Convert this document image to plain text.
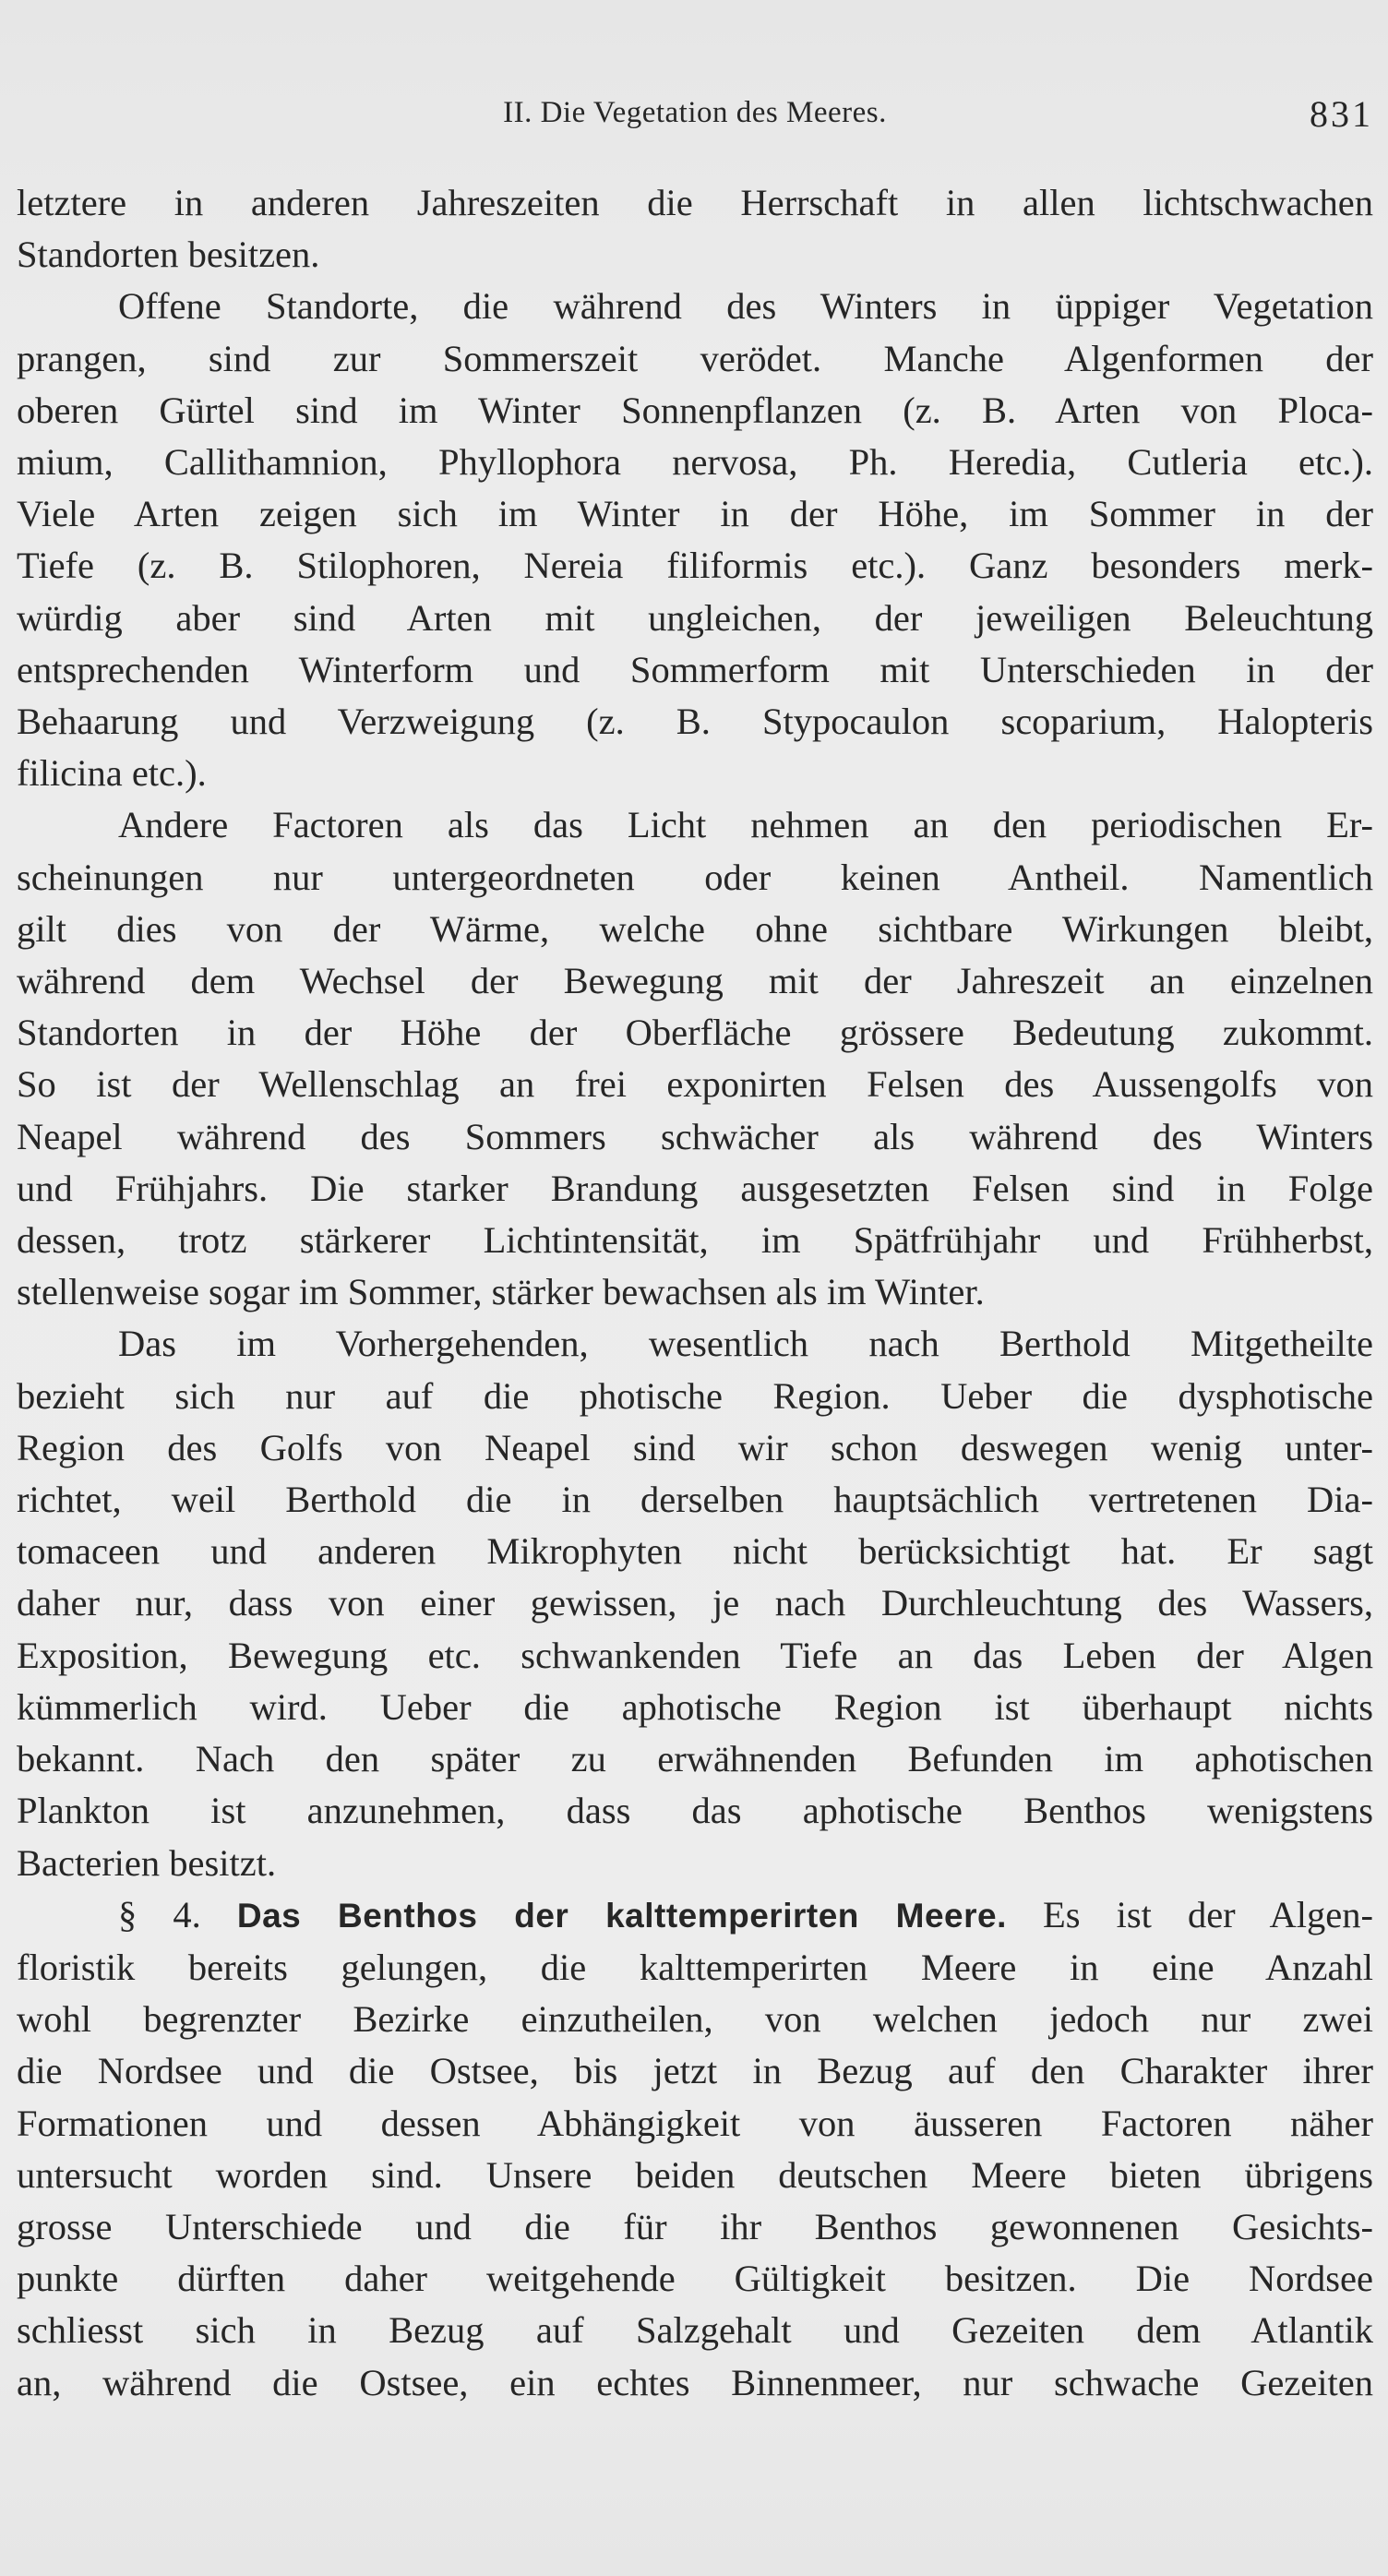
II. Die Vegetation des Meeres.	831

letztere in anderen Jahreszeiten die Herrschaft in allen lichtschwachen

Standorten besitzen.

Offene Standorte, die während des Winters in üppiger Vegetation

prangen, sind zur Sommerszeit verödet. Manche Algenformen der

oberen Gürtel sind im Winter Sonnenpflanzen (z. B. Arten von Ploca-

mium, Callithamnion, Phyllophora nervosa, Ph. Heredia, Cutleria etc.).

Viele Arten zeigen sich im Winter in der Höhe, im Sommer in der

Tiefe (z. B. Stilophoren, Nereia filiformis etc.). Ganz besonders merk-

würdig aber sind Arten mit ungleichen, der jeweiligen Beleuchtung

entsprechenden Winterform und Sommerform mit Unterschieden in der

Behaarung und Verzweigung (z. B. Stypocaulon scoparium, Halopteris

filicina etc.).

Andere Factoren als das Licht nehmen an den periodischen Er-

scheinungen nur untergeordneten oder keinen Antheil. Namentlich

gilt dies von der Wärme, welche ohne sichtbare Wirkungen bleibt,

während dem Wechsel der Bewegung mit der Jahreszeit an einzelnen

Standorten in der Höhe der Oberfläche grössere Bedeutung zukommt.

So ist der Wellenschlag an frei exponirten Felsen des Aussengolfs von

Neapel während des Sommers schwächer als während des Winters

und Frühjahrs. Die starker Brandung ausgesetzten Felsen sind in Folge

dessen, trotz stärkerer Lichtintensität, im Spätfrühjahr und Frühherbst,

stellenweise sogar im Sommer, stärker bewachsen als im Winter.

Das im Vorhergehenden, wesentlich nach Berthold Mitgetheilte

bezieht sich nur auf die photische Region. Ueber die dysphotische

Region des Golfs von Neapel sind wir schon deswegen wenig unter-

richtet, weil Berthold die in derselben hauptsächlich vertretenen Dia-

tomaceen und anderen Mikrophyten nicht berücksichtigt hat. Er sagt

daher nur, dass von einer gewissen, je nach Durchleuchtung des Wassers,

Exposition, Bewegung etc. schwankenden Tiefe an das Leben der Algen

kümmerlich wird. Ueber die aphotische Region ist überhaupt nichts

bekannt. Nach den später zu erwähnenden Befunden im aphotischen

Plankton ist anzunehmen, dass das aphotische Benthos wenigstens

Bacterien besitzt.

§ 4. Das Benthos der kalttemperirten Meere. Es ist der Algen-

floristik bereits gelungen, die kalttemperirten Meere in eine Anzahl

wohl begrenzter Bezirke einzutheilen, von welchen jedoch nur zwei

die Nordsee und die Ostsee, bis jetzt in Bezug auf den Charakter ihrer

Formationen und dessen Abhängigkeit von äusseren Factoren näher

untersucht worden sind. Unsere beiden deutschen Meere bieten übrigens

grosse Unterschiede und die für ihr Benthos gewonnenen Gesichts-

punkte dürften daher weitgehende Gültigkeit besitzen. Die Nordsee

schliesst sich in Bezug auf Salzgehalt und Gezeiten dem Atlantik

an, während die Ostsee, ein echtes Binnenmeer, nur schwache Gezeiten
